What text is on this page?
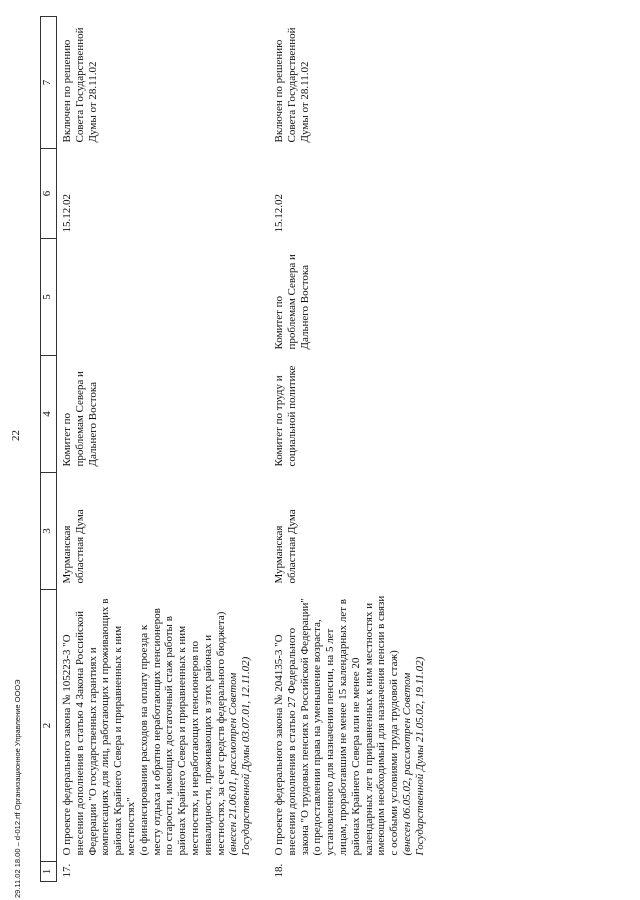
22
1	2	3	4	5	6	7
17.	О проекте федерального закона № 105223-3 "О внесении дополнения в статью 4 Закона Российской Федерации "О государственных гарантиях и компенсациях для лиц, работающих и проживающих в районах Крайнего Севера и приравненных к ним местностях" (о финансировании расходов на оплату проезда к месту отдыха и обратно неработающих пенсионеров по старости, имеющих достаточный стаж работы в районах Крайнего Севера и приравненных к ним местностях, и неработающих пенсионеров по инвалидности, проживающих в этих районах и местностях, за счет средств федерального бюджета) (внесен 21.06.01, рассмотрен Советом Государственной Думы 03.07.01, 12.11.02)	Мурманская областная Дума	Комитет по проблемам Севера и Дальнего Востока		15.12.02	Включен по решению Совета Государственной Думы от 28.11.02
18.	О проекте федерального закона № 204135-3 "О внесении дополнения в статью 27 Федерального закона "О трудовых пенсиях в Российской Федерации" (о предоставлении права на уменьшение возраста, установленного для назначения пенсии, на 5 лет лицам, проработавшим не менее 15 календарных лет в районах Крайнего Севера или не менее 20 календарных лет в приравненных к ним местностях и имеющим необходимый для назначения пенсии в связи с особыми условиями труда трудовой стаж) (внесен 06.05.02, рассмотрен Советом Государственной Думы 21.05.02, 19.11.02)	Мурманская областная Дума	Комитет по труду и социальной политике	Комитет по проблемам Севера и Дальнего Востока	15.12.02	Включен по решению Совета Государственной Думы от 28.11.02
29.11.02 18.00 – d-012.rtf Организационное Управление ОООЭ
